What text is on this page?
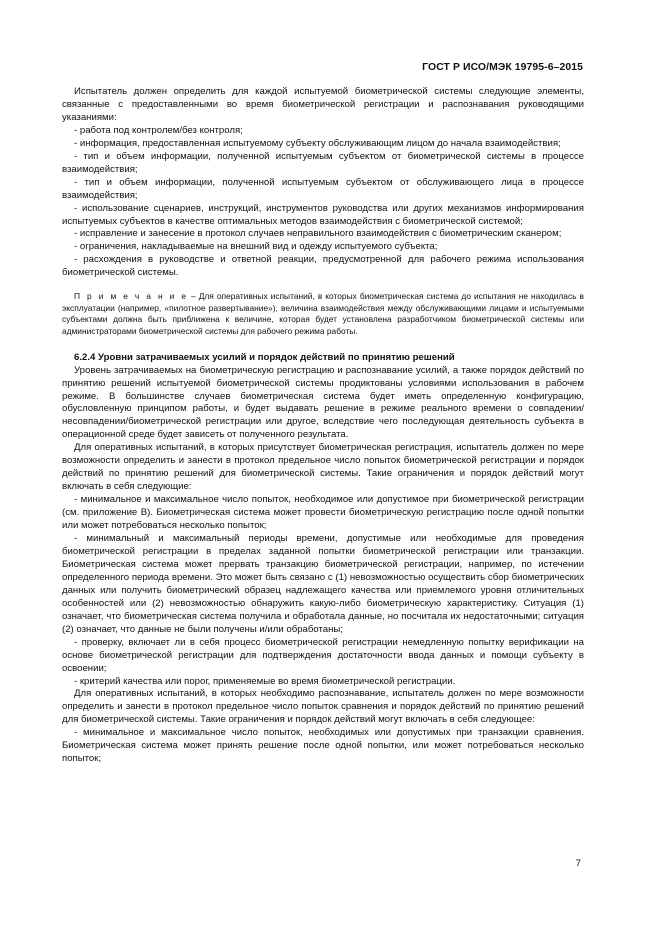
ГОСТ Р ИСО/МЭК 19795-6–2015

Испытатель должен определить для каждой испытуемой биометрической системы следующие элементы, связанные с предоставленными во время биометрической регистрации и распознавания руководящими указаниями:

- работа под контролем/без контроля;

- информация, предоставленная испытуемому субъекту обслуживающим лицом до начала взаимодействия;

- тип и объем информации, полученной испытуемым субъектом от биометрической системы в процессе взаимодействия;

- тип и объем информации, полученной испытуемым субъектом от обслуживающего лица в процессе взаимодействия;

- использование сценариев, инструкций, инструментов руководства или других механизмов информирования испытуемых субъектов в качестве оптимальных методов взаимодействия с биометрической системой;

- исправление и занесение в протокол случаев неправильного взаимодействия с биометрическим сканером;

- ограничения, накладываемые на внешний вид и одежду испытуемого субъекта;

- расхождения в руководстве и ответной реакции, предусмотренной для рабочего режима использования биометрической системы.

П р и м е ч а н и е – Для оперативных испытаний, в которых биометрическая система до испытания не находилась в эксплуатации (например, «пилотное развертывание»), величина взаимодействия между обслуживающими лицами и испытуемыми субъектами должна быть приближена к величине, которая будет установлена разработчиком биометрической системы или администраторами биометрической системы для рабочего режима работы.

6.2.4 Уровни затрачиваемых усилий и порядок действий по принятию решений

Уровень затрачиваемых на биометрическую регистрацию и распознавание усилий, а также порядок действий по принятию решений испытуемой биометрической системы продиктованы условиями использования в рабочем режиме. В большинстве случаев биометрическая система будет иметь определенную конфигурацию, обусловленную принципом работы, и будет выдавать решение в режиме реального времени о совпадении/несовпадении/биометрической регистрации или другое, вследствие чего последующая деятельность субъекта в операционной среде будет зависеть от полученного результата.

Для оперативных испытаний, в которых присутствует биометрическая регистрация, испытатель должен по мере возможности определить и занести в протокол предельное число попыток биометрической регистрации и порядок действий по принятию решений для биометрической системы. Такие ограничения и порядок действий могут включать в себя следующие:

- минимальное и максимальное число попыток, необходимое или допустимое при биометрической регистрации (см. приложение В). Биометрическая система может провести биометрическую регистрацию после одной попытки или может потребоваться несколько попыток;

- минимальный и максимальный периоды времени, допустимые или необходимые для проведения биометрической регистрации в пределах заданной попытки биометрической регистрации или транзакции. Биометрическая система может прервать транзакцию биометрической регистрации, например, по истечении определенного периода времени. Это может быть связано с (1) невозможностью осуществить сбор биометрических данных или получить биометрический образец надлежащего качества или приемлемого уровня отличительных особенностей или (2) невозможностью обнаружить какую-либо биометрическую характеристику. Ситуация (1) означает, что биометрическая система получила и обработала данные, но посчитала их недостаточными; ситуация (2) означает, что данные не были получены и/или обработаны;

- проверку, включает ли в себя процесс биометрической регистрации немедленную попытку верификации на основе биометрической регистрации для подтверждения достаточности ввода данных и помощи субъекту в освоении;

- критерий качества или порог, применяемые во время биометрической регистрации.

Для оперативных испытаний, в которых необходимо распознавание, испытатель должен по мере возможности определить и занести в протокол предельное число попыток сравнения и порядок действий по принятию решений для биометрической системы. Такие ограничения и порядок действий могут включать в себя следующее:

- минимальное и максимальное число попыток, необходимых или допустимых при транзакции сравнения. Биометрическая система может принять решение после одной попытки, или может потребоваться несколько попыток;

7
